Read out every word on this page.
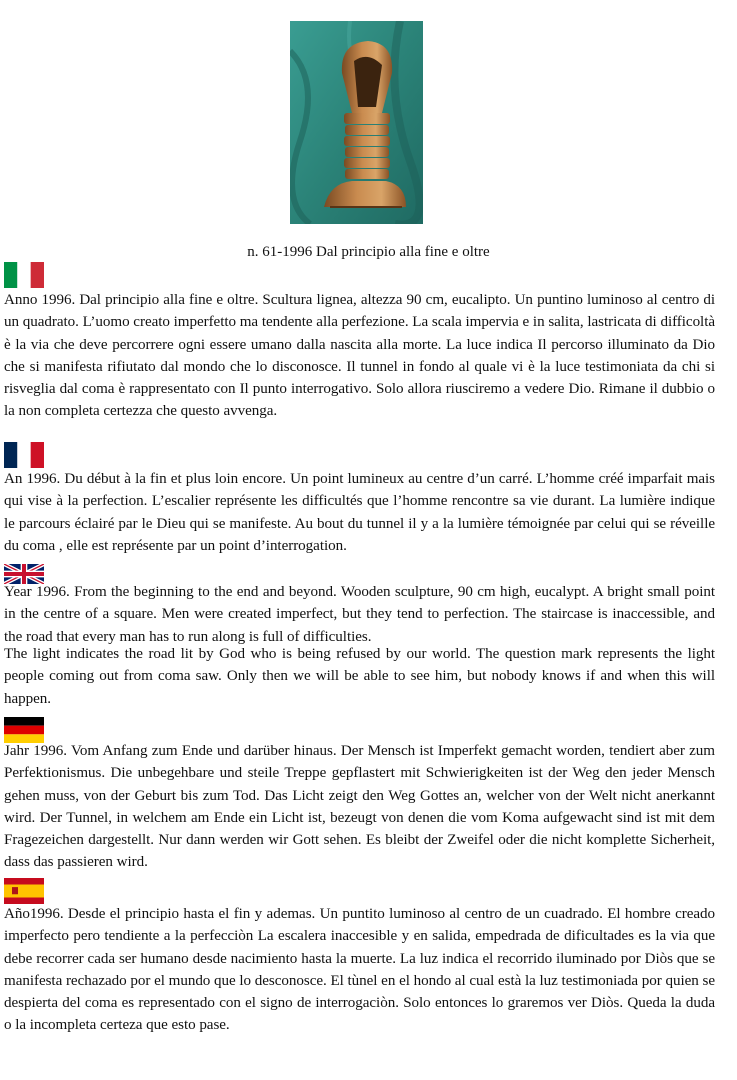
n. 61-1996 Dal principio alla fine e oltre

Anno 1996. Dal principio alla fine e oltre. Scultura lignea, altezza 90 cm, eucalipto. Un puntino luminoso al centro di un quadrato. L’uomo creato imperfetto ma tendente alla perfezione. La scala impervia e in salita, lastricata di difficoltà è la via che deve percorrere ogni essere umano dalla nascita alla morte. La luce indica Il percorso illuminato da Dio che si manifesta rifiutato dal mondo che lo disconosce. Il tunnel in fondo al quale vi è la luce testimoniata da chi si risveglia dal coma è rappresentato con Il punto interrogativo. Solo allora riusciremo a vedere Dio. Rimane il dubbio o la non completa certezza che questo avvenga.

An 1996. Du début à la fin et plus loin encore. Un point lumineux au centre d’un carré. L’homme créé imparfait mais qui vise à la perfection. L’escalier représente les difficultés que l’homme rencontre sa vie durant. La lumière indique le parcours éclairé par le Dieu qui se manifeste. Au bout du tunnel il y a la lumière témoignée par celui qui se réveille du coma , elle est représente par un point d’interrogation.

Year 1996. From the beginning to the end and beyond. Wooden sculpture, 90 cm high, eucalypt. A bright small point in the centre of a square. Men were created imperfect, but they tend to perfection. The staircase is inaccessible, and the road that every man has to run along is full of difficulties.

The light indicates the road lit by God who is being refused by our world. The question mark represents the light people coming out from coma saw. Only then we will be able to see him, but nobody knows if and when this will happen.

Jahr 1996. Vom Anfang zum Ende und darüber hinaus. Der Mensch ist Imperfekt gemacht worden, tendiert aber zum Perfektionismus. Die unbegehbare und steile Treppe gepflastert mit Schwierigkeiten ist der Weg den jeder Mensch gehen muss, von der Geburt bis zum Tod. Das Licht zeigt den Weg Gottes an, welcher von der Welt nicht anerkannt wird. Der Tunnel, in welchem am Ende ein Licht ist, bezeugt von denen die vom Koma aufgewacht sind ist mit dem Fragezeichen dargestellt. Nur dann werden wir Gott sehen. Es bleibt der Zweifel oder die nicht komplette Sicherheit, dass das passieren wird.

Año1996. Desde el principio hasta el fin y ademas. Un puntito luminoso al centro de un cuadrado. El hombre creado imperfecto pero tendiente a la perfecciòn La escalera inaccesible y en salida, empedrada de dificultades es la via que debe recorrer cada ser humano desde nacimiento hasta la muerte. La luz indica el recorrido iluminado por Diòs que se manifesta rechazado por el mundo que lo desconosce. El tùnel en el hondo al cual està la luz testimoniada por quien se despierta del coma es representado con el signo de interrogaciòn. Solo entonces lo graremos ver Diòs. Queda la duda o la incompleta certeza que esto pase.
